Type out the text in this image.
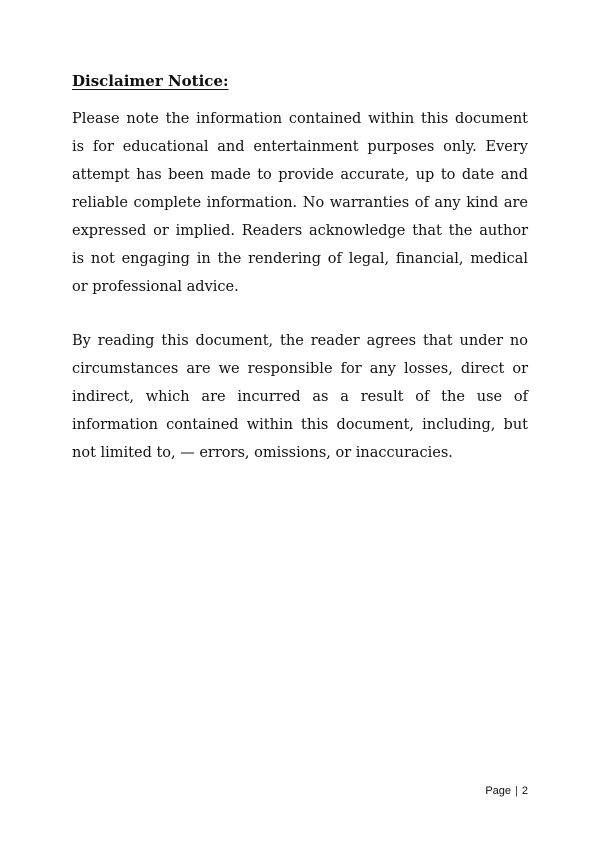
Disclaimer Notice:

Please note the information contained within this document is for educational and entertainment purposes only. Every attempt has been made to provide accurate, up to date and reliable complete information. No warranties of any kind are expressed or implied. Readers acknowledge that the author is not engaging in the rendering of legal, financial, medical or professional advice.

By reading this document, the reader agrees that under no circumstances are we responsible for any losses, direct or indirect, which are incurred as a result of the use of information contained within this document, including, but not limited to, — errors, omissions, or inaccuracies.

Page | 2
